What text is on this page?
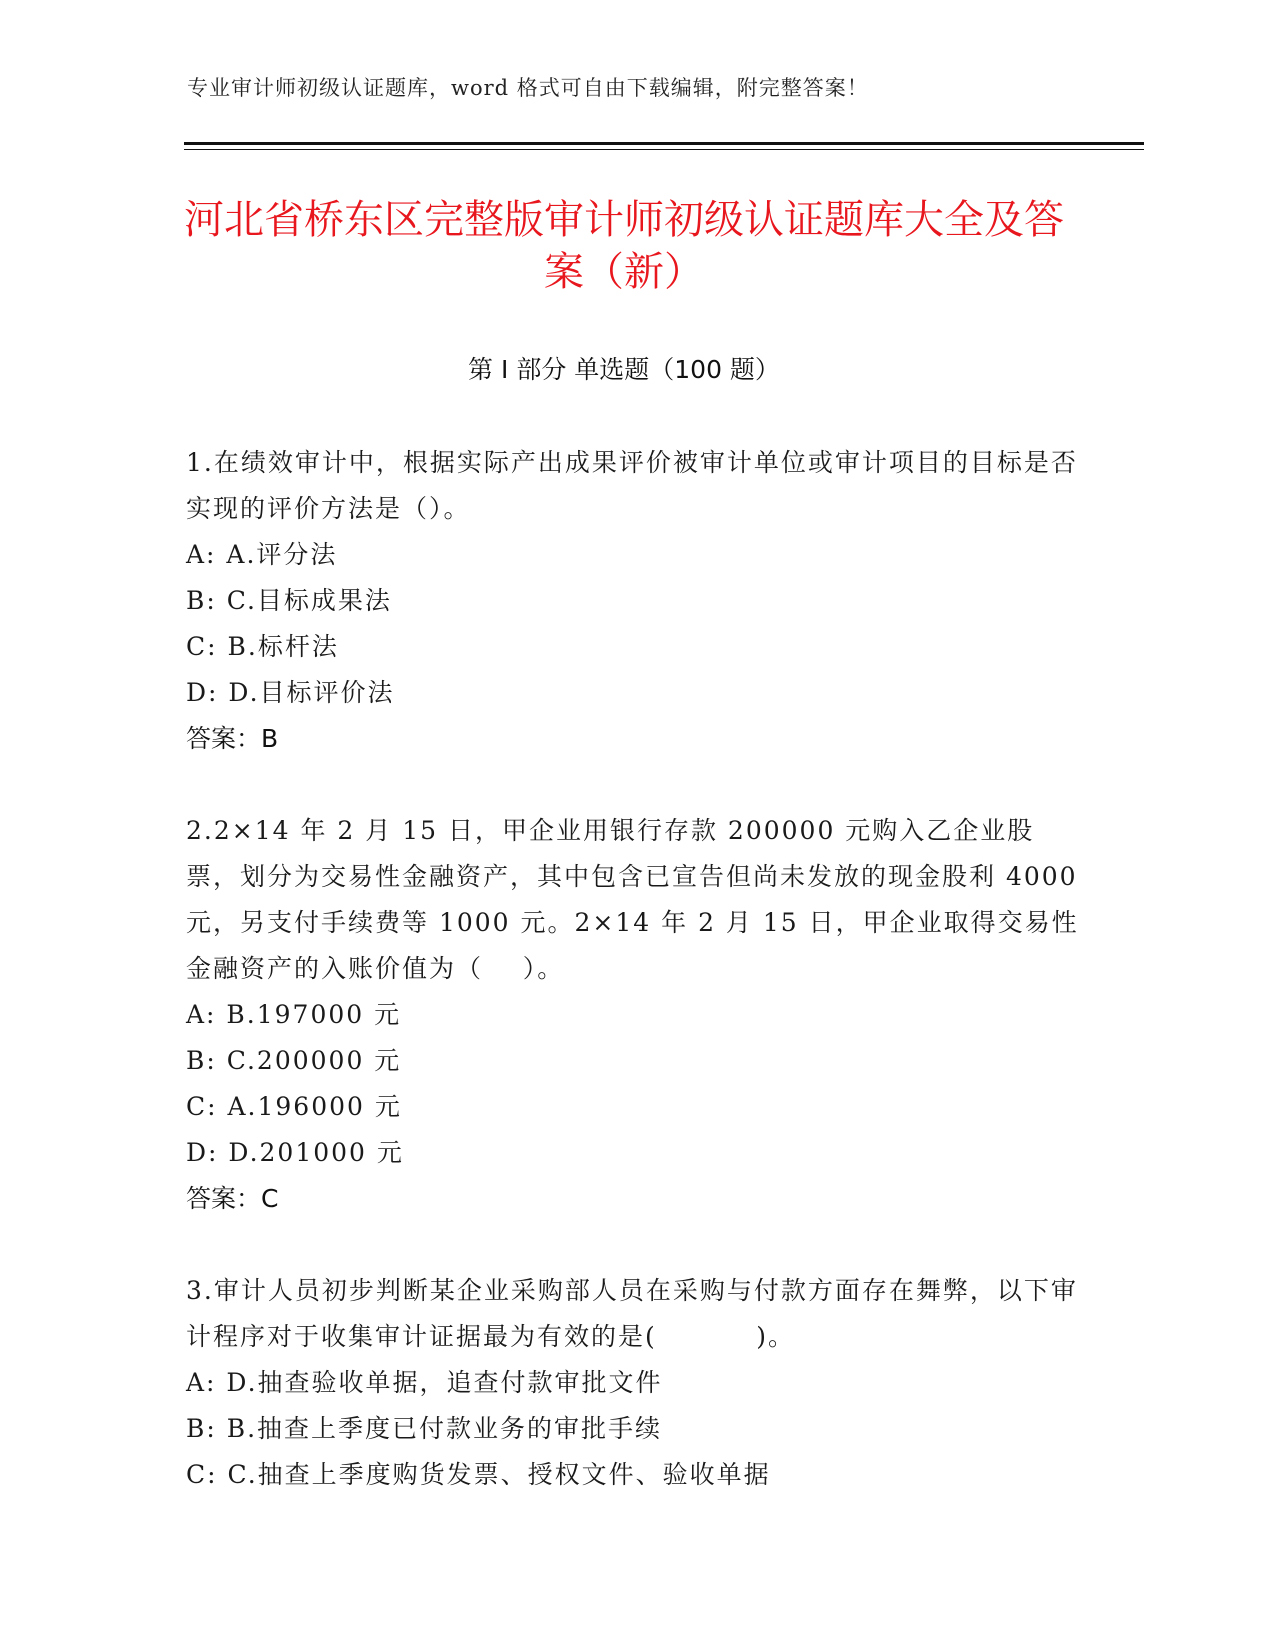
专业审计师初级认证题库，word 格式可自由下载编辑，附完整答案！
河北省桥东区完整版审计师初级认证题库大全及答案（新）
第 I 部分 单选题（100 题）

1.在绩效审计中，根据实际产出成果评价被审计单位或审计项目的目标是否实现的评价方法是（）。

A: A.评分法

B: C.目标成果法

C: B.标杆法

D: D.目标评价法

答案：B

2.2×14 年 2 月 15 日，甲企业用银行存款 200000 元购入乙企业股票，划分为交易性金融资产，其中包含已宣告但尚未发放的现金股利 4000 元，另支付手续费等 1000 元。2×14 年 2 月 15 日，甲企业取得交易性金融资产的入账价值为（    ）。

A: B.197000 元

B: C.200000 元

C: A.196000 元

D: D.201000 元

答案：C

3.审计人员初步判断某企业采购部人员在采购与付款方面存在舞弊，以下审计程序对于收集审计证据最为有效的是(          )。

A: D.抽查验收单据，追查付款审批文件

B: B.抽查上季度已付款业务的审批手续

C: C.抽查上季度购货发票、授权文件、验收单据
